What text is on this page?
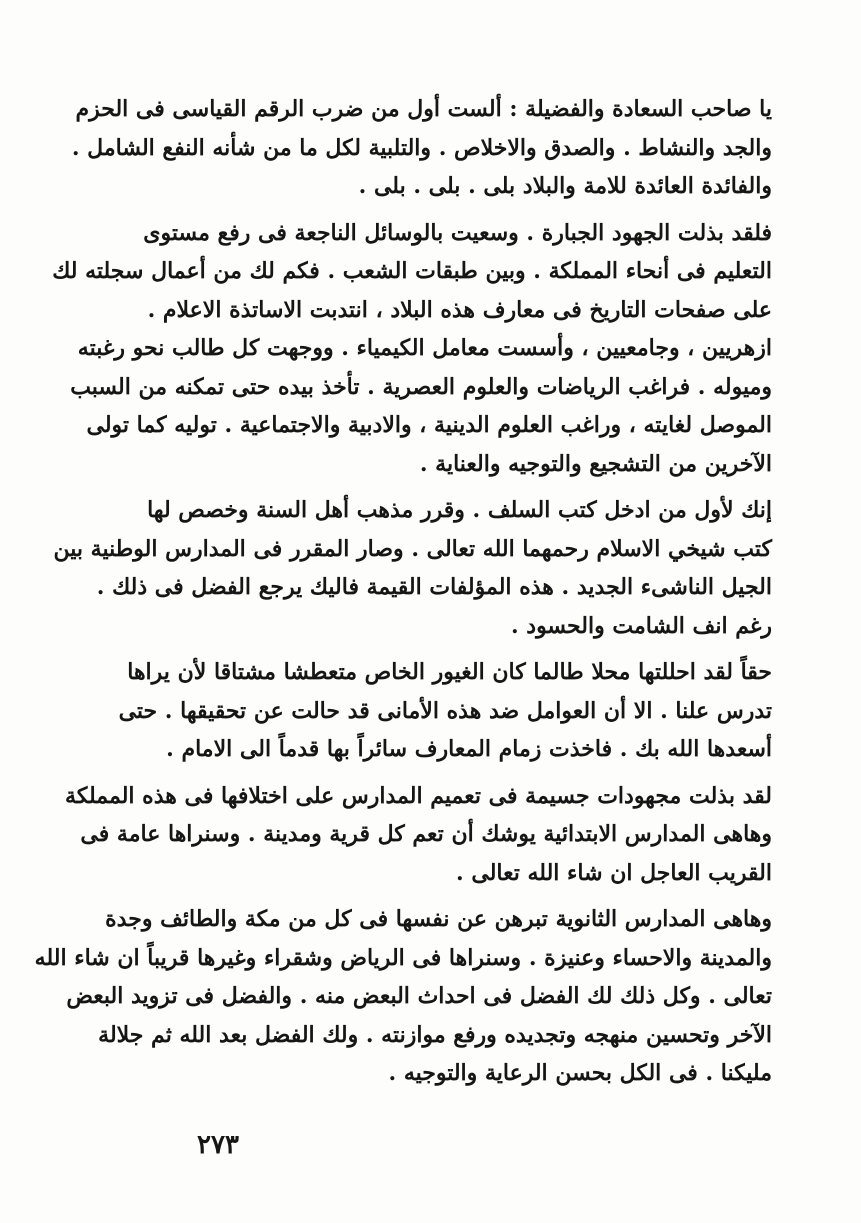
يا صاحب السعادة والفضيلة : ألست أول من ضرب الرقم القياسى فى الحزم
والجد والنشاط . والصدق والاخلاص . والتلبية لكل ما من شأنه النفع الشامل .
والفائدة العائدة للامة والبلاد بلى . بلى . بلى .
فلقد بذلت الجهود الجبارة . وسعيت بالوسائل الناجعة فى رفع مستوى
التعليم فى أنحاء المملكة . وبين طبقات الشعب . فكم لك من أعمال سجلته لك
على صفحات التاريخ فى معارف هذه البلاد ، انتدبت الاساتذة الاعلام .
ازهريين ، وجامعيين ، وأسست معامل الكيمياء . ووجهت كل طالب نحو رغبته
وميوله . فراغب الرياضات والعلوم العصرية . تأخذ بيده حتى تمكنه من السبب
الموصل لغايته ، وراغب العلوم الدينية ، والادبية والاجتماعية . توليه كما تولى
الآخرين من التشجيع والتوجيه والعناية .
إنك لأول من ادخل كتب السلف . وقرر مذهب أهل السنة وخصص لها
كتب شيخي الاسلام رحمهما الله تعالى . وصار المقرر فى المدارس الوطنية بين
الجيل الناشىء الجديد . هذه المؤلفات القيمة فاليك يرجع الفضل فى ذلك .
رغم انف الشامت والحسود .
حقاً لقد احللتها محلا طالما كان الغيور الخاص متعطشا مشتاقا لأن يراها
تدرس علنا . الا أن العوامل ضد هذه الأمانى قد حالت عن تحقيقها . حتى
أسعدها الله بك . فاخذت زمام المعارف سائراً بها قدماً الى الامام .
لقد بذلت مجهودات جسيمة فى تعميم المدارس على اختلافها فى هذه المملكة
وهاهى المدارس الابتدائية يوشك أن تعم كل قرية ومدينة . وسنراها عامة فى
القريب العاجل ان شاء الله تعالى .
وهاهى المدارس الثانوية تبرهن عن نفسها فى كل من مكة والطائف وجدة
والمدينة والاحساء وعنيزة . وسنراها فى الرياض وشقراء وغيرها قريباً ان شاء الله
تعالى . وكل ذلك لك الفضل فى احداث البعض منه . والفضل فى تزويد البعض
الآخر وتحسين منهجه وتجديده ورفع موازنته . ولك الفضل بعد الله ثم جلالة
مليكنا . فى الكل بحسن الرعاية والتوجيه .
٢٧٣
